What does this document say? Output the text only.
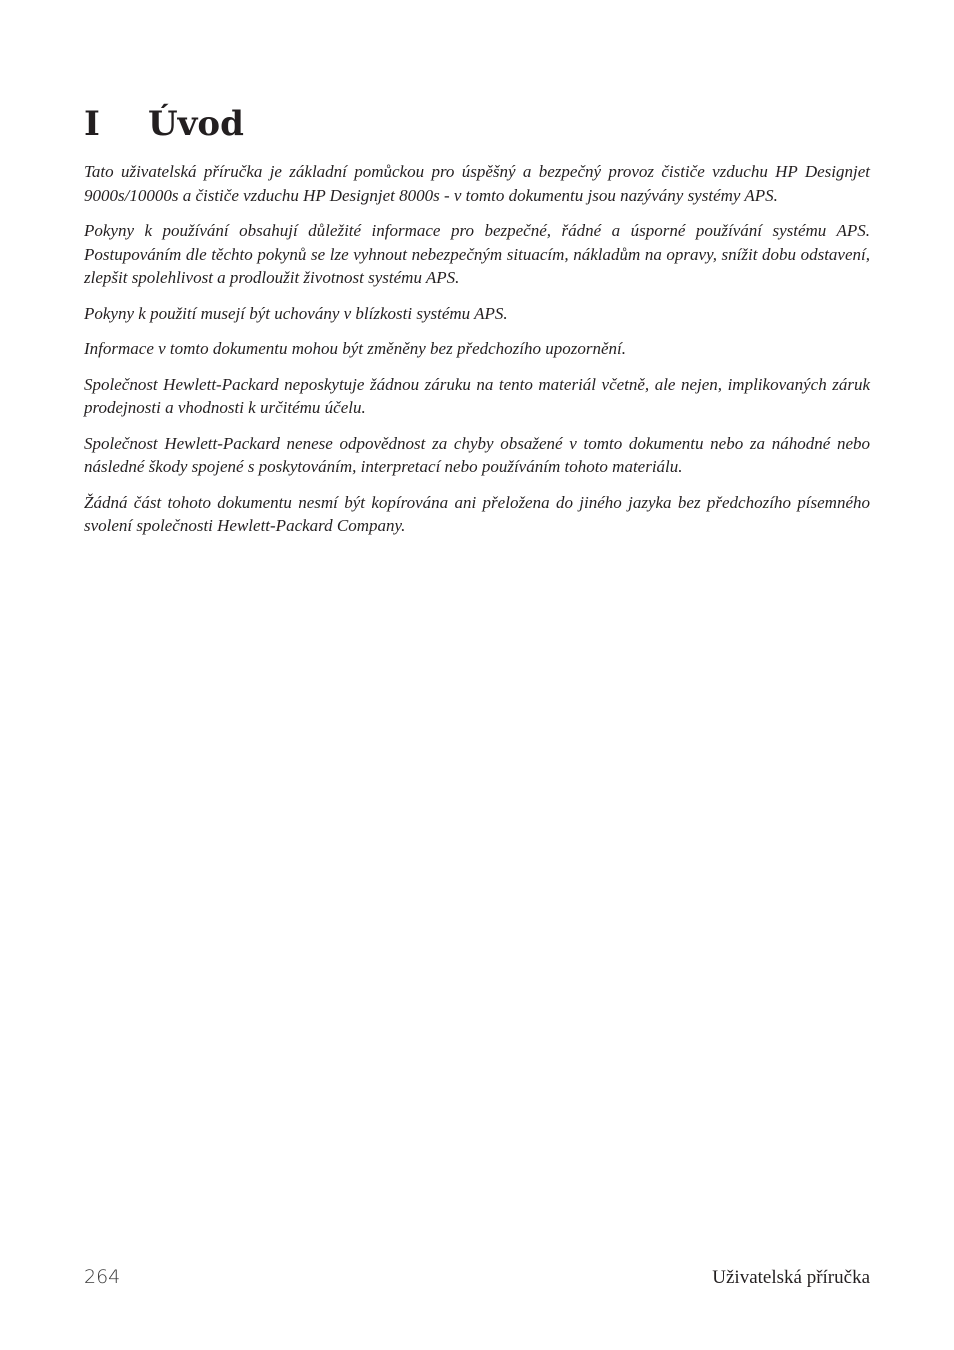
I	Úvod

Tato uživatelská příručka je základní pomůckou pro úspěšný a bezpečný provoz čističe vzduchu HP Designjet 9000s/10000s a čističe vzduchu HP Designjet 8000s - v tomto dokumentu jsou nazývány systémy APS.

Pokyny k používání obsahují důležité informace pro bezpečné, řádné a úsporné používání systému APS. Postupováním dle těchto pokynů se lze vyhnout nebezpečným situacím, nákladům na opravy, snížit dobu odstavení, zlepšit spolehlivost a prodloužit životnost systému APS.

Pokyny k použití musejí být uchovány v blízkosti systému APS.

Informace v tomto dokumentu mohou být změněny bez předchozího upozornění.

Společnost Hewlett-Packard neposkytuje žádnou záruku na tento materiál včetně, ale nejen, implikovaných záruk prodejnosti a vhodnosti k určitému účelu.

Společnost Hewlett-Packard nenese odpovědnost za chyby obsažené v tomto dokumentu nebo za náhodné nebo následné škody spojené s poskytováním, interpretací nebo používáním tohoto materiálu.

Žádná část tohoto dokumentu nesmí být kopírována ani přeložena do jiného jazyka bez předchozího písemného svolení společnosti Hewlett-Packard Company.

264	Uživatelská příručka
